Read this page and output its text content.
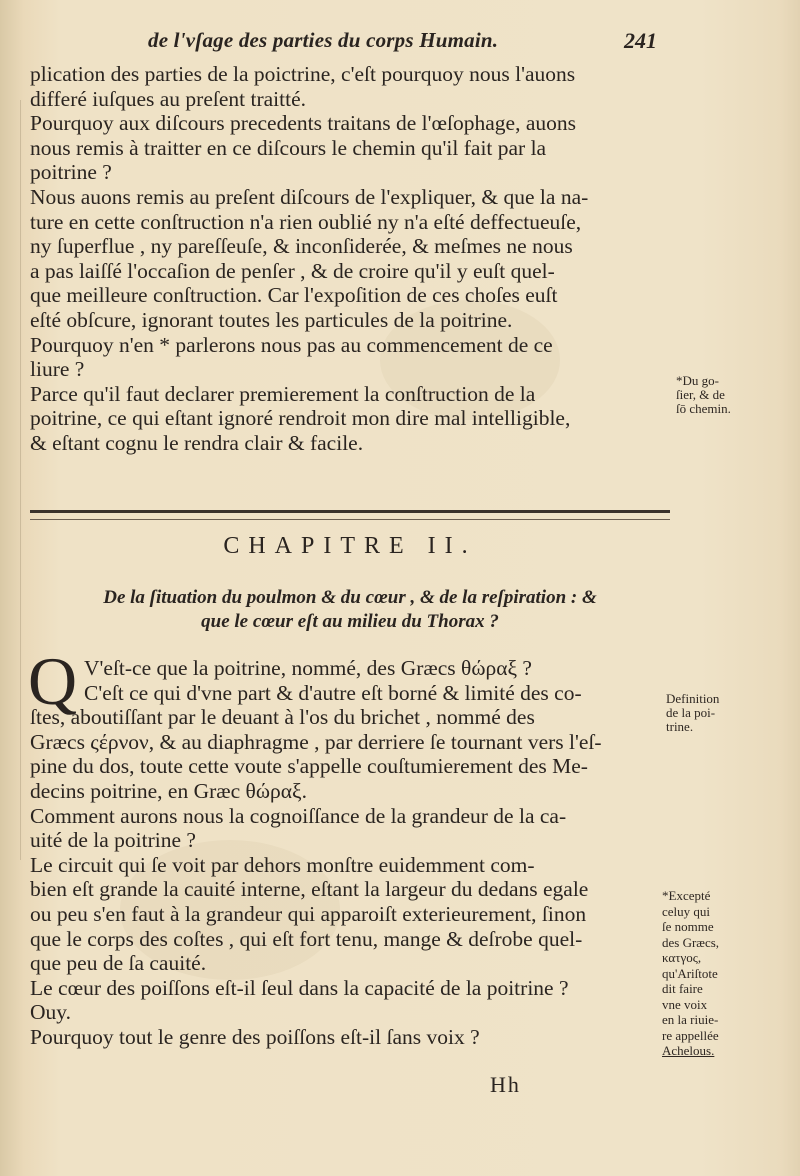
de l'vſage des parties du corps Humain.	241
plication des parties de la poictrine, c'eſt pourquoy nous l'auons
differé iuſques au preſent traitté.
Pourquoy aux diſcours precedents traitans de l'œſophage, auons
nous remis à traitter en ce diſcours le chemin qu'il fait par la
poitrine ?
Nous auons remis au preſent diſcours de l'expliquer, & que la na-
ture en cette conſtruction n'a rien oublié ny n'a eſté deffectueuſe,
ny ſuperflue , ny pareſſeuſe, & inconſiderée, & meſmes ne nous
a pas laiſſé l'occaſion de penſer , & de croire qu'il y euſt quel-
que meilleure conſtruction. Car l'expoſition de ces choſes euſt
eſté obſcure, ignorant toutes les particules de la poitrine.
Pourquoy n'en * parlerons nous pas au commencement de ce
liure ?
Parce qu'il faut declarer premierement la conſtruction de la
poitrine, ce qui eſtant ignoré rendroit mon dire mal intelligible,
& eſtant cognu le rendra clair & facile.
*Du go-
ſier, & de
ſō chemin.
CHAPITRE II.
De la ſituation du poulmon & du cœur , & de la reſpiration : &
que le cœur eſt au milieu du Thorax ?
Q V'eſt-ce que la poitrine, nommé, des Græcs θώραξ ?
C'eſt ce qui d'vne part & d'autre eſt borné & limité des co-
ſtes, aboutiſſant par le deuant à l'os du brichet , nommé des
Græcs ςέρνον, & au diaphragme , par derriere ſe tournant vers l'eſ-
pine du dos, toute cette voute s'appelle couſtumierement des Me-
decins poitrine, en Græc θώραξ.
Comment aurons nous la cognoiſſance de la grandeur de la ca-
uité de la poitrine ?
Le circuit qui ſe voit par dehors monſtre euidemment com-
bien eſt grande la cauité interne, eſtant la largeur du dedans egale
ou peu s'en faut à la grandeur qui apparoiſt exterieurement, ſinon
que le corps des coſtes , qui eſt fort tenu, mange & deſrobe quel-
que peu de ſa cauité.
Le cœur des poiſſons eſt-il ſeul dans la capacité de la poitrine ?
Ouy.
Pourquoy tout le genre des poiſſons eſt-il ſans voix ?
Definition
de la poi-
trine.
*Excepté
celuy qui
ſe nomme
des Græcs,
κατγος,
qu'Ariſtote
dit faire
vne voix
en la riuie-
re appellée
Achelous.
Hh
